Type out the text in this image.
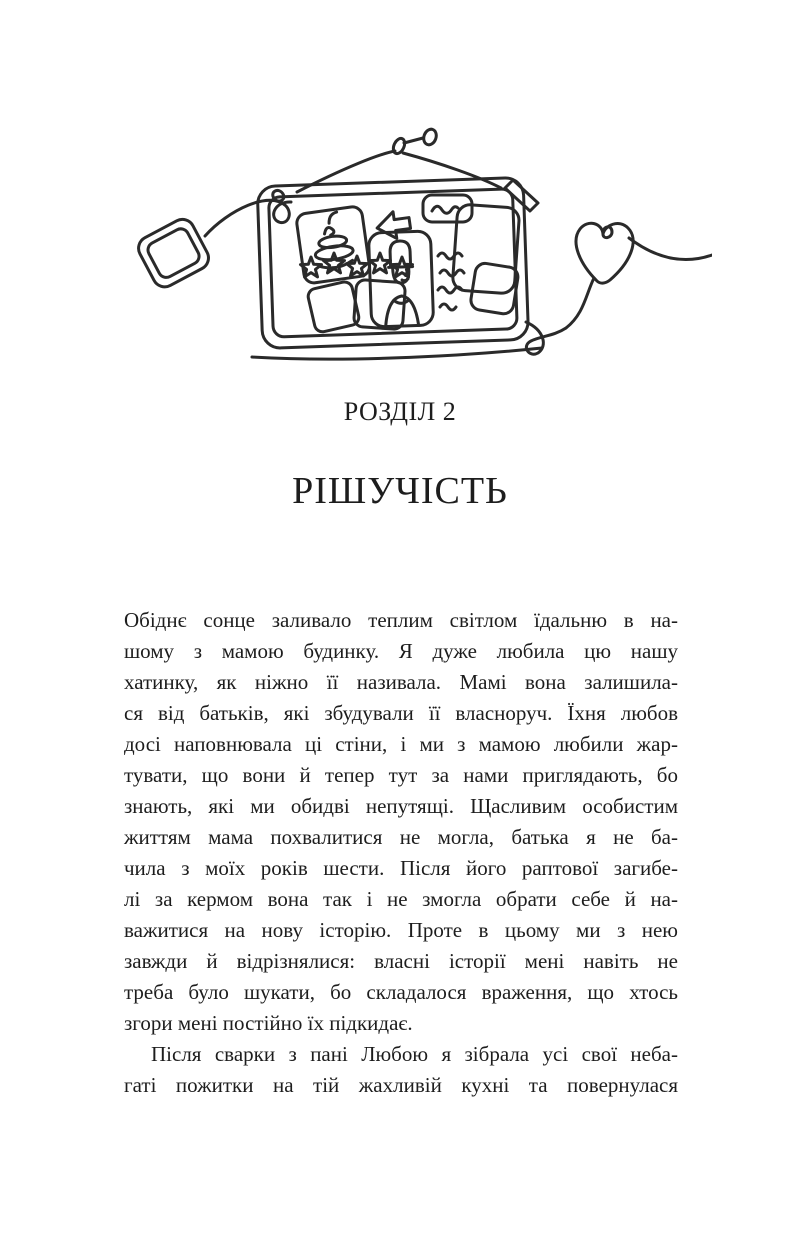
РОЗДІЛ 2
РІШУЧІСТЬ
Обіднє сонце заливало теплим світлом їдальню в на-
шому з мамою будинку. Я дуже любила цю нашу
хатинку, як ніжно її називала. Мамі вона залишила-
ся від батьків, які збудували її власноруч. Їхня любов
досі наповнювала ці стіни, і ми з мамою любили жар-
тувати, що вони й тепер тут за нами приглядають, бо
знають, які ми обидві непутящі. Щасливим особистим
життям мама похвалитися не могла, батька я не ба-
чила з моїх років шести. Після його раптової загибе-
лі за кермом вона так і не змогла обрати себе й на-
важитися на нову історію. Проте в цьому ми з нею
завжди й відрізнялися: власні історії мені навіть не
треба було шукати, бо складалося враження, що хтось
згори мені постійно їх підкидає.
Після сварки з пані Любою я зібрала усі свої неба-
гаті пожитки на тій жахливій кухні та повернулася
